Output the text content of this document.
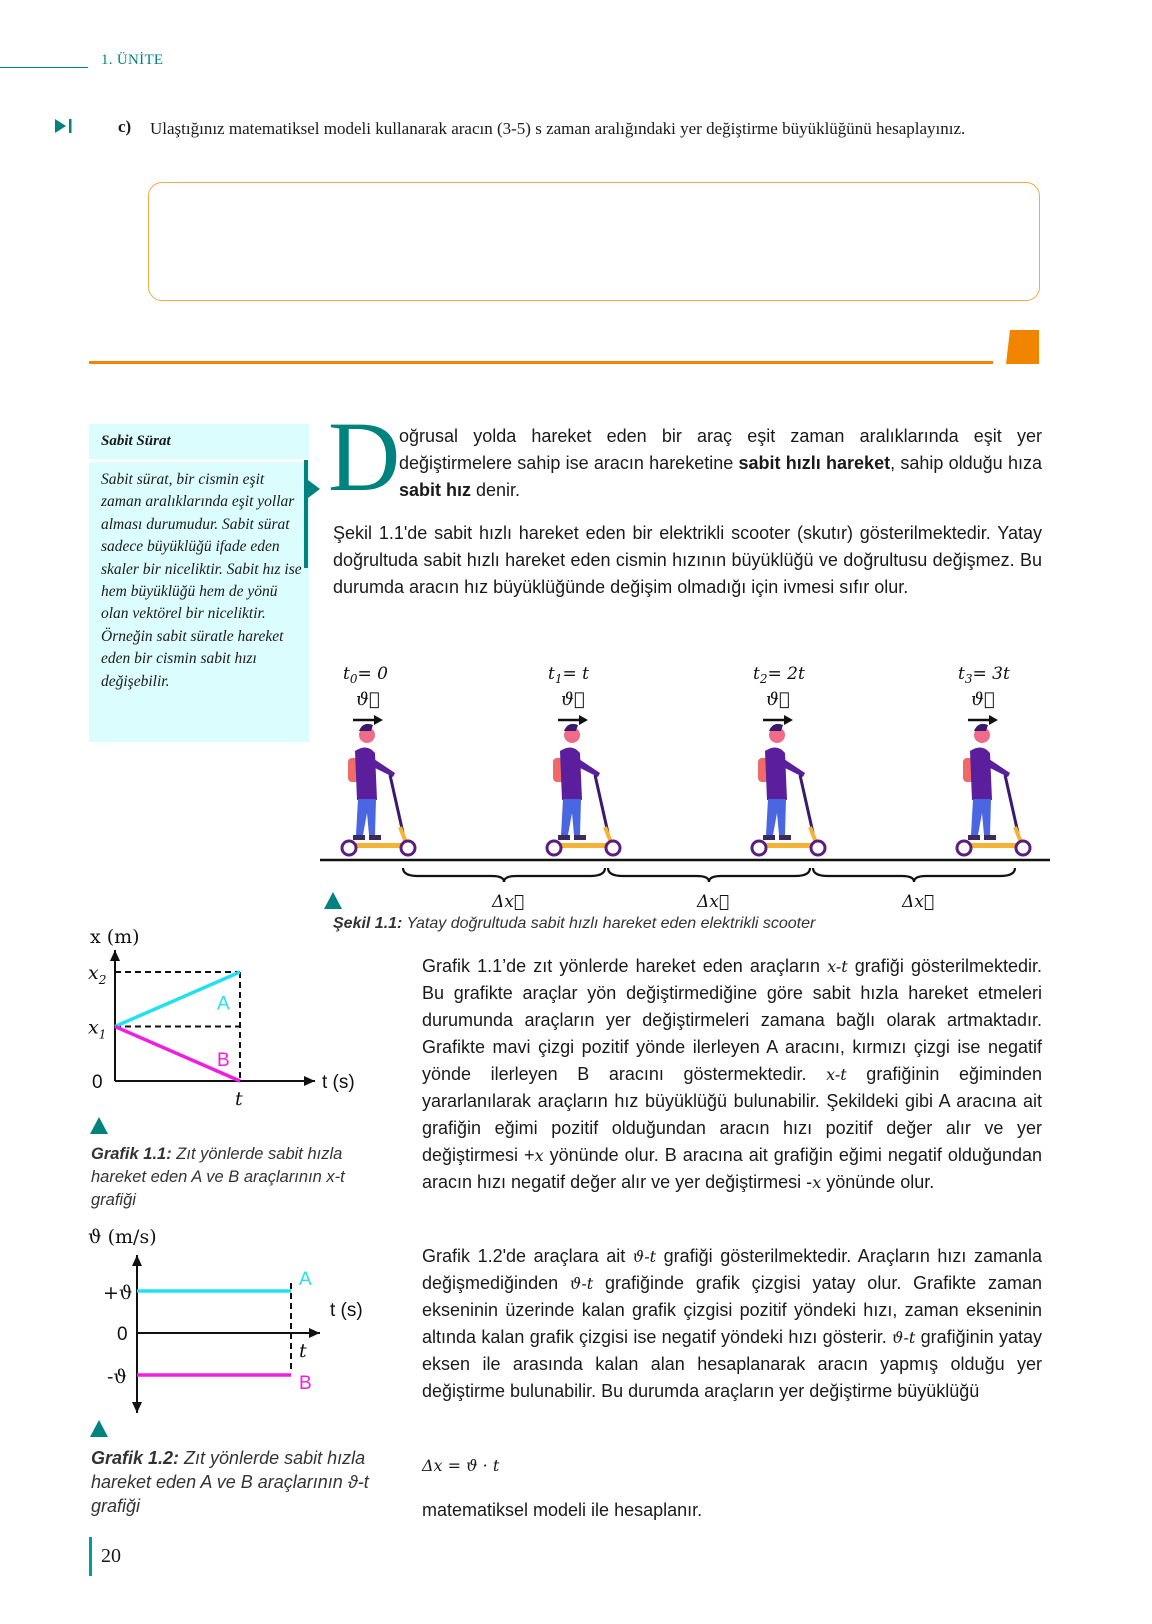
1. ÜNİTE
c) Ulaştığınız matematiksel modeli kullanarak aracın (3-5) s zaman aralığındaki yer değiştirme büyüklüğünü hesaplayınız.
Sabit Sürat

Sabit sürat, bir cismin eşit zaman aralıklarında eşit yollar alması durumudur. Sabit sürat sadece büyüklüğü ifade eden skaler bir niceliktir. Sabit hız ise hem büyüklüğü hem de yönü olan vektörel bir niceliktir. Örneğin sabit süratle hareket eden bir cismin sabit hızı değişebilir.

D
oğrusal yolda hareket eden bir araç eşit zaman aralıklarında eşit yer değiştirmelere sahip ise aracın hareketine sabit hızlı hareket, sahip olduğu hıza sabit hız denir.
Şekil 1.1'de sabit hızlı hareket eden bir elektrikli scooter (skutır) gösterilmektedir. Yatay doğrultuda sabit hızlı hareket eden cismin hızının büyüklüğü ve doğrultusu değişmez. Bu durumda aracın hız büyüklüğünde değişim olmadığı için ivmesi sıfır olur.
$t_0= 0$
ϑ⃗
$t_1= t$
ϑ⃗
$t_2= 2t$
ϑ⃗
$t_3= 3t$
ϑ⃗
Δx⃗	Δx⃗	Δx⃗
Şekil 1.1: Yatay doğrultuda sabit hızlı hareket eden elektrikli scooter
x (m)
t (s)
0
$x_1$
$x_2$
t
A
B
Grafik 1.1: Zıt yönlerde sabit hızla hareket eden A ve B araçlarının x-t grafiği
ϑ (m/s)
t (s)
+ϑ
0
-ϑ
t
A
B
Grafik 1.2: Zıt yönlerde sabit hızla hareket eden A ve B araçlarının ϑ-t grafiği
Grafik 1.1’de zıt yönlerde hareket eden araçların x-t grafiği gösterilmektedir. Bu grafikte araçlar yön değiştirmediğine göre sabit hızla hareket etmeleri durumunda araçların yer değiştirmeleri zamana bağlı olarak artmaktadır. Grafikte mavi çizgi pozitif yönde ilerleyen A aracını, kırmızı çizgi ise negatif yönde ilerleyen B aracını göstermektedir. x-t grafiğinin eğiminden yararlanılarak araçların hız büyüklüğü bulunabilir. Şekildeki gibi A aracına ait grafiğin eğimi pozitif olduğundan aracın hızı pozitif değer alır ve yer değiştirmesi +x yönünde olur. B aracına ait grafiğin eğimi negatif olduğundan aracın hızı negatif değer alır ve yer değiştirmesi -x yönünde olur.
Grafik 1.2'de araçlara ait ϑ-t grafiği gösterilmektedir. Araçların hızı zamanla değişmediğinden ϑ-t grafiğinde grafik çizgisi yatay olur. Grafikte zaman ekseninin üzerinde kalan grafik çizgisi pozitif yöndeki hızı, zaman ekseninin altında kalan grafik çizgisi ise negatif yöndeki hızı gösterir. ϑ-t grafiğinin yatay eksen ile arasında kalan alan hesaplanarak aracın yapmış olduğu yer değiştirme bulunabilir. Bu durumda araçların yer değiştirme büyüklüğü
Δx = ϑ · t
matematiksel modeli ile hesaplanır.
20
